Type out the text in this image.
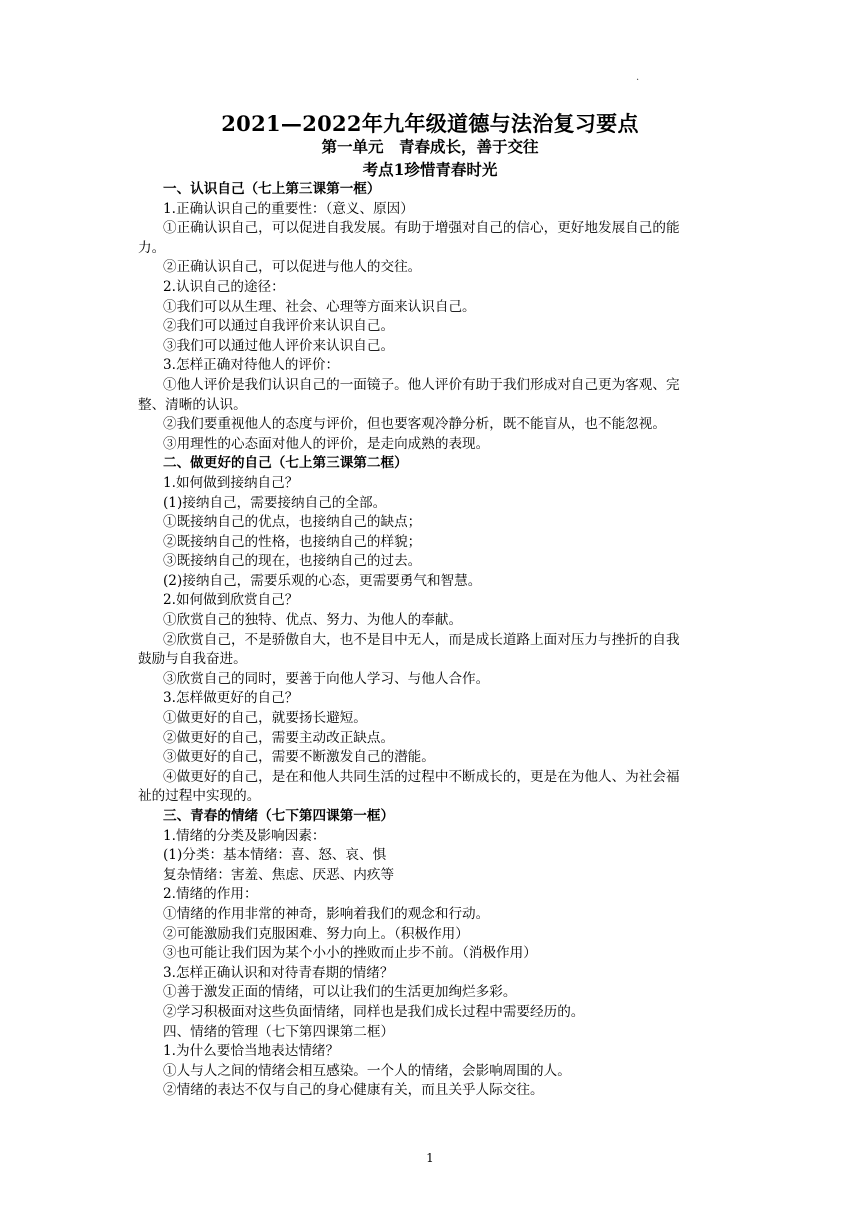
.
2021—2022年九年级道德与法治复习要点
第一单元　青春成长，善于交往
考点1珍惜青春时光
一、认识自己（七上第三课第一框）
1.正确认识自己的重要性：（意义、原因）
①正确认识自己，可以促进自我发展。有助于增强对自己的信心，更好地发展自己的能
力。
②正确认识自己，可以促进与他人的交往。
2.认识自己的途径：
①我们可以从生理、社会、心理等方面来认识自己。
②我们可以通过自我评价来认识自己。
③我们可以通过他人评价来认识自己。
3.怎样正确对待他人的评价：
①他人评价是我们认识自己的一面镜子。他人评价有助于我们形成对自己更为客观、完
整、清晰的认识。
②我们要重视他人的态度与评价，但也要客观冷静分析，既不能盲从，也不能忽视。
③用理性的心态面对他人的评价，是走向成熟的表现。
二、做更好的自己（七上第三课第二框）
1.如何做到接纳自己？
(1)接纳自己，需要接纳自己的全部。
①既接纳自己的优点，也接纳自己的缺点；
②既接纳自己的性格，也接纳自己的样貌；
③既接纳自己的现在，也接纳自己的过去。
(2)接纳自己，需要乐观的心态，更需要勇气和智慧。
2.如何做到欣赏自己？
①欣赏自己的独特、优点、努力、为他人的奉献。
②欣赏自己，不是骄傲自大，也不是目中无人，而是成长道路上面对压力与挫折的自我
鼓励与自我奋进。
③欣赏自己的同时，要善于向他人学习、与他人合作。
3.怎样做更好的自己？
①做更好的自己，就要扬长避短。
②做更好的自己，需要主动改正缺点。
③做更好的自己，需要不断激发自己的潜能。
④做更好的自己，是在和他人共同生活的过程中不断成长的，更是在为他人、为社会福
祉的过程中实现的。
三、青春的情绪（七下第四课第一框）
1.情绪的分类及影响因素：
(1)分类：基本情绪：喜、怒、哀、惧
复杂情绪：害羞、焦虑、厌恶、内疚等
2.情绪的作用：
①情绪的作用非常的神奇，影响着我们的观念和行动。
②可能激励我们克服困难、努力向上。（积极作用）
③也可能让我们因为某个小小的挫败而止步不前。（消极作用）
3.怎样正确认识和对待青春期的情绪？
①善于激发正面的情绪，可以让我们的生活更加绚烂多彩。
②学习积极面对这些负面情绪，同样也是我们成长过程中需要经历的。
四、情绪的管理（七下第四课第二框）
1.为什么要恰当地表达情绪？
①人与人之间的情绪会相互感染。一个人的情绪，会影响周围的人。
②情绪的表达不仅与自己的身心健康有关，而且关乎人际交往。
1
